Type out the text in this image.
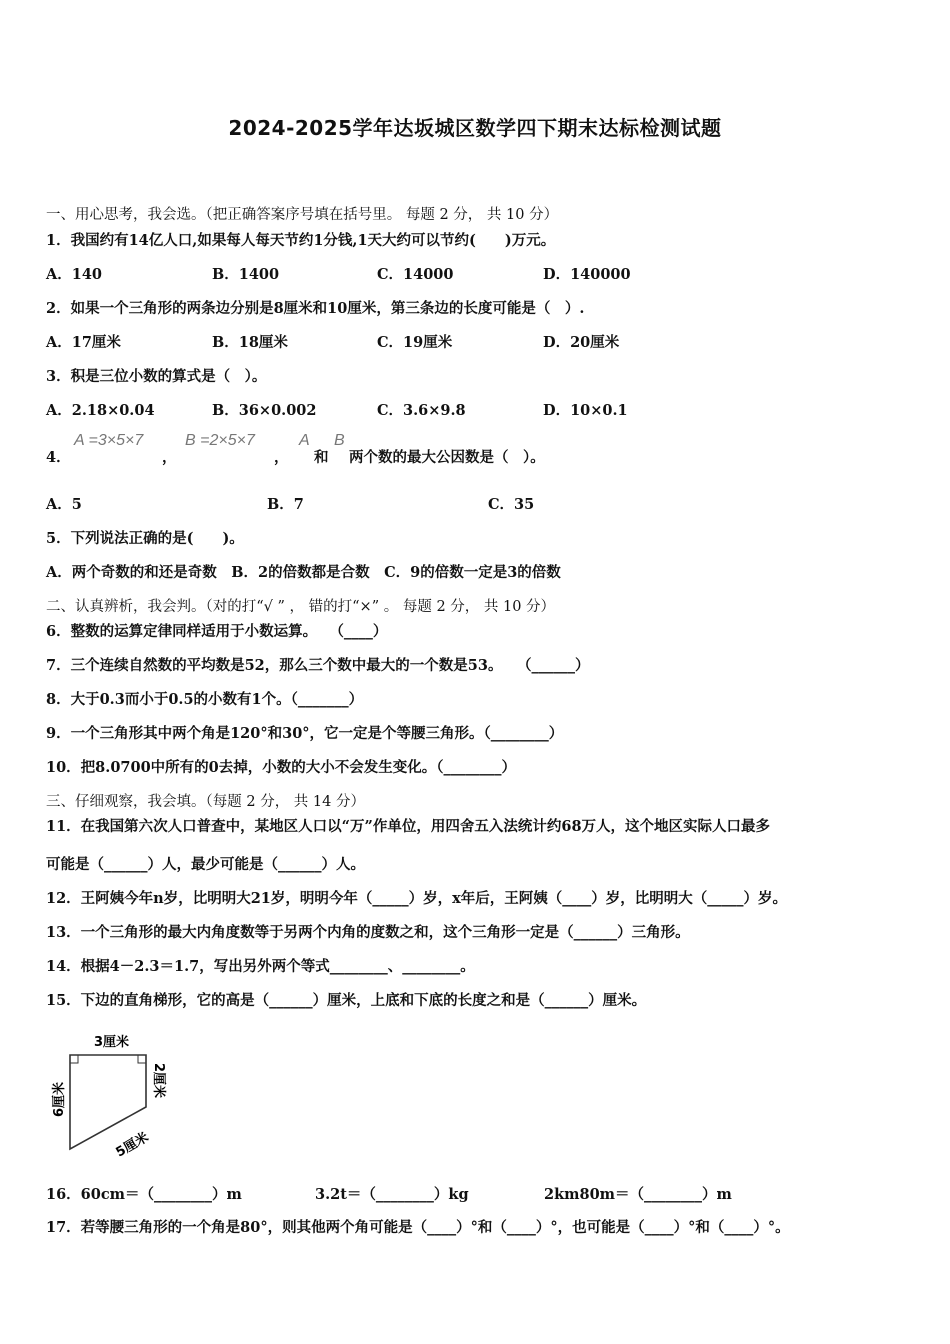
2024-2025学年达坂城区数学四下期末达标检测试题
一、用心思考，我会选。（把正确答案序号填在括号里。 每题 2 分， 共 10 分）
1．我国约有14亿人口,如果每人每天节约1分钱,1天大约可以节约(　　)万元。
A．140	B．1400	C．14000	D．140000
2．如果一个三角形的两条边分别是8厘米和10厘米，第三条边的长度可能是（　）.
A．17厘米	B．18厘米	C．19厘米	D．20厘米
3．积是三位小数的算式是（　）。
A．2.18×0.04	B．36×0.002	C．3.6×9.8	D．10×0.1
4．
A =3×5×7
，
B =2×5×7
，
A
和
B
两个数的最大公因数是（　）。
A．5	B．7	C．35
5．下列说法正确的是(　　)。
A．两个奇数的和还是奇数　B．2的倍数都是合数　C．9的倍数一定是3的倍数
二、认真辨析，我会判。（对的打“√ ” ， 错的打“×” 。 每题 2 分， 共 10 分）
6．整数的运算定律同样适用于小数运算。　 （____）
7．三个连续自然数的平均数是52，那么三个数中最大的一个数是53。　　（______）
8．大于0.3而小于0.5的小数有1个。（_______）
9．一个三角形其中两个角是120°和30°，它一定是个等腰三角形。（________）
10．把8.0700中所有的0去掉，小数的大小不会发生变化。（________）
三、仔细观察，我会填。（每题 2 分， 共 14 分）
11．在我国第六次人口普查中，某地区人口以“万”作单位，用四舍五入法统计约68万人，这个地区实际人口最多
可能是（______）人，最少可能是（______）人。
12．王阿姨今年n岁，比明明大21岁，明明今年（_____）岁，x年后，王阿姨（____）岁，比明明大（_____）岁。
13．一个三角形的最大内角度数等于另两个内角的度数之和，这个三角形一定是（______）三角形。
14．根据4－2.3＝1.7，写出另外两个等式________、________。
15．下边的直角梯形，它的高是（______）厘米，上底和下底的长度之和是（______）厘米。
3厘米
6厘米
2厘米
5厘米
16．60cm＝（________）m	3.2t＝（________）kg	2km80m＝（________）m
17．若等腰三角形的一个角是80°，则其他两个角可能是（____）°和（____）°，也可能是（____）°和（____）°。
